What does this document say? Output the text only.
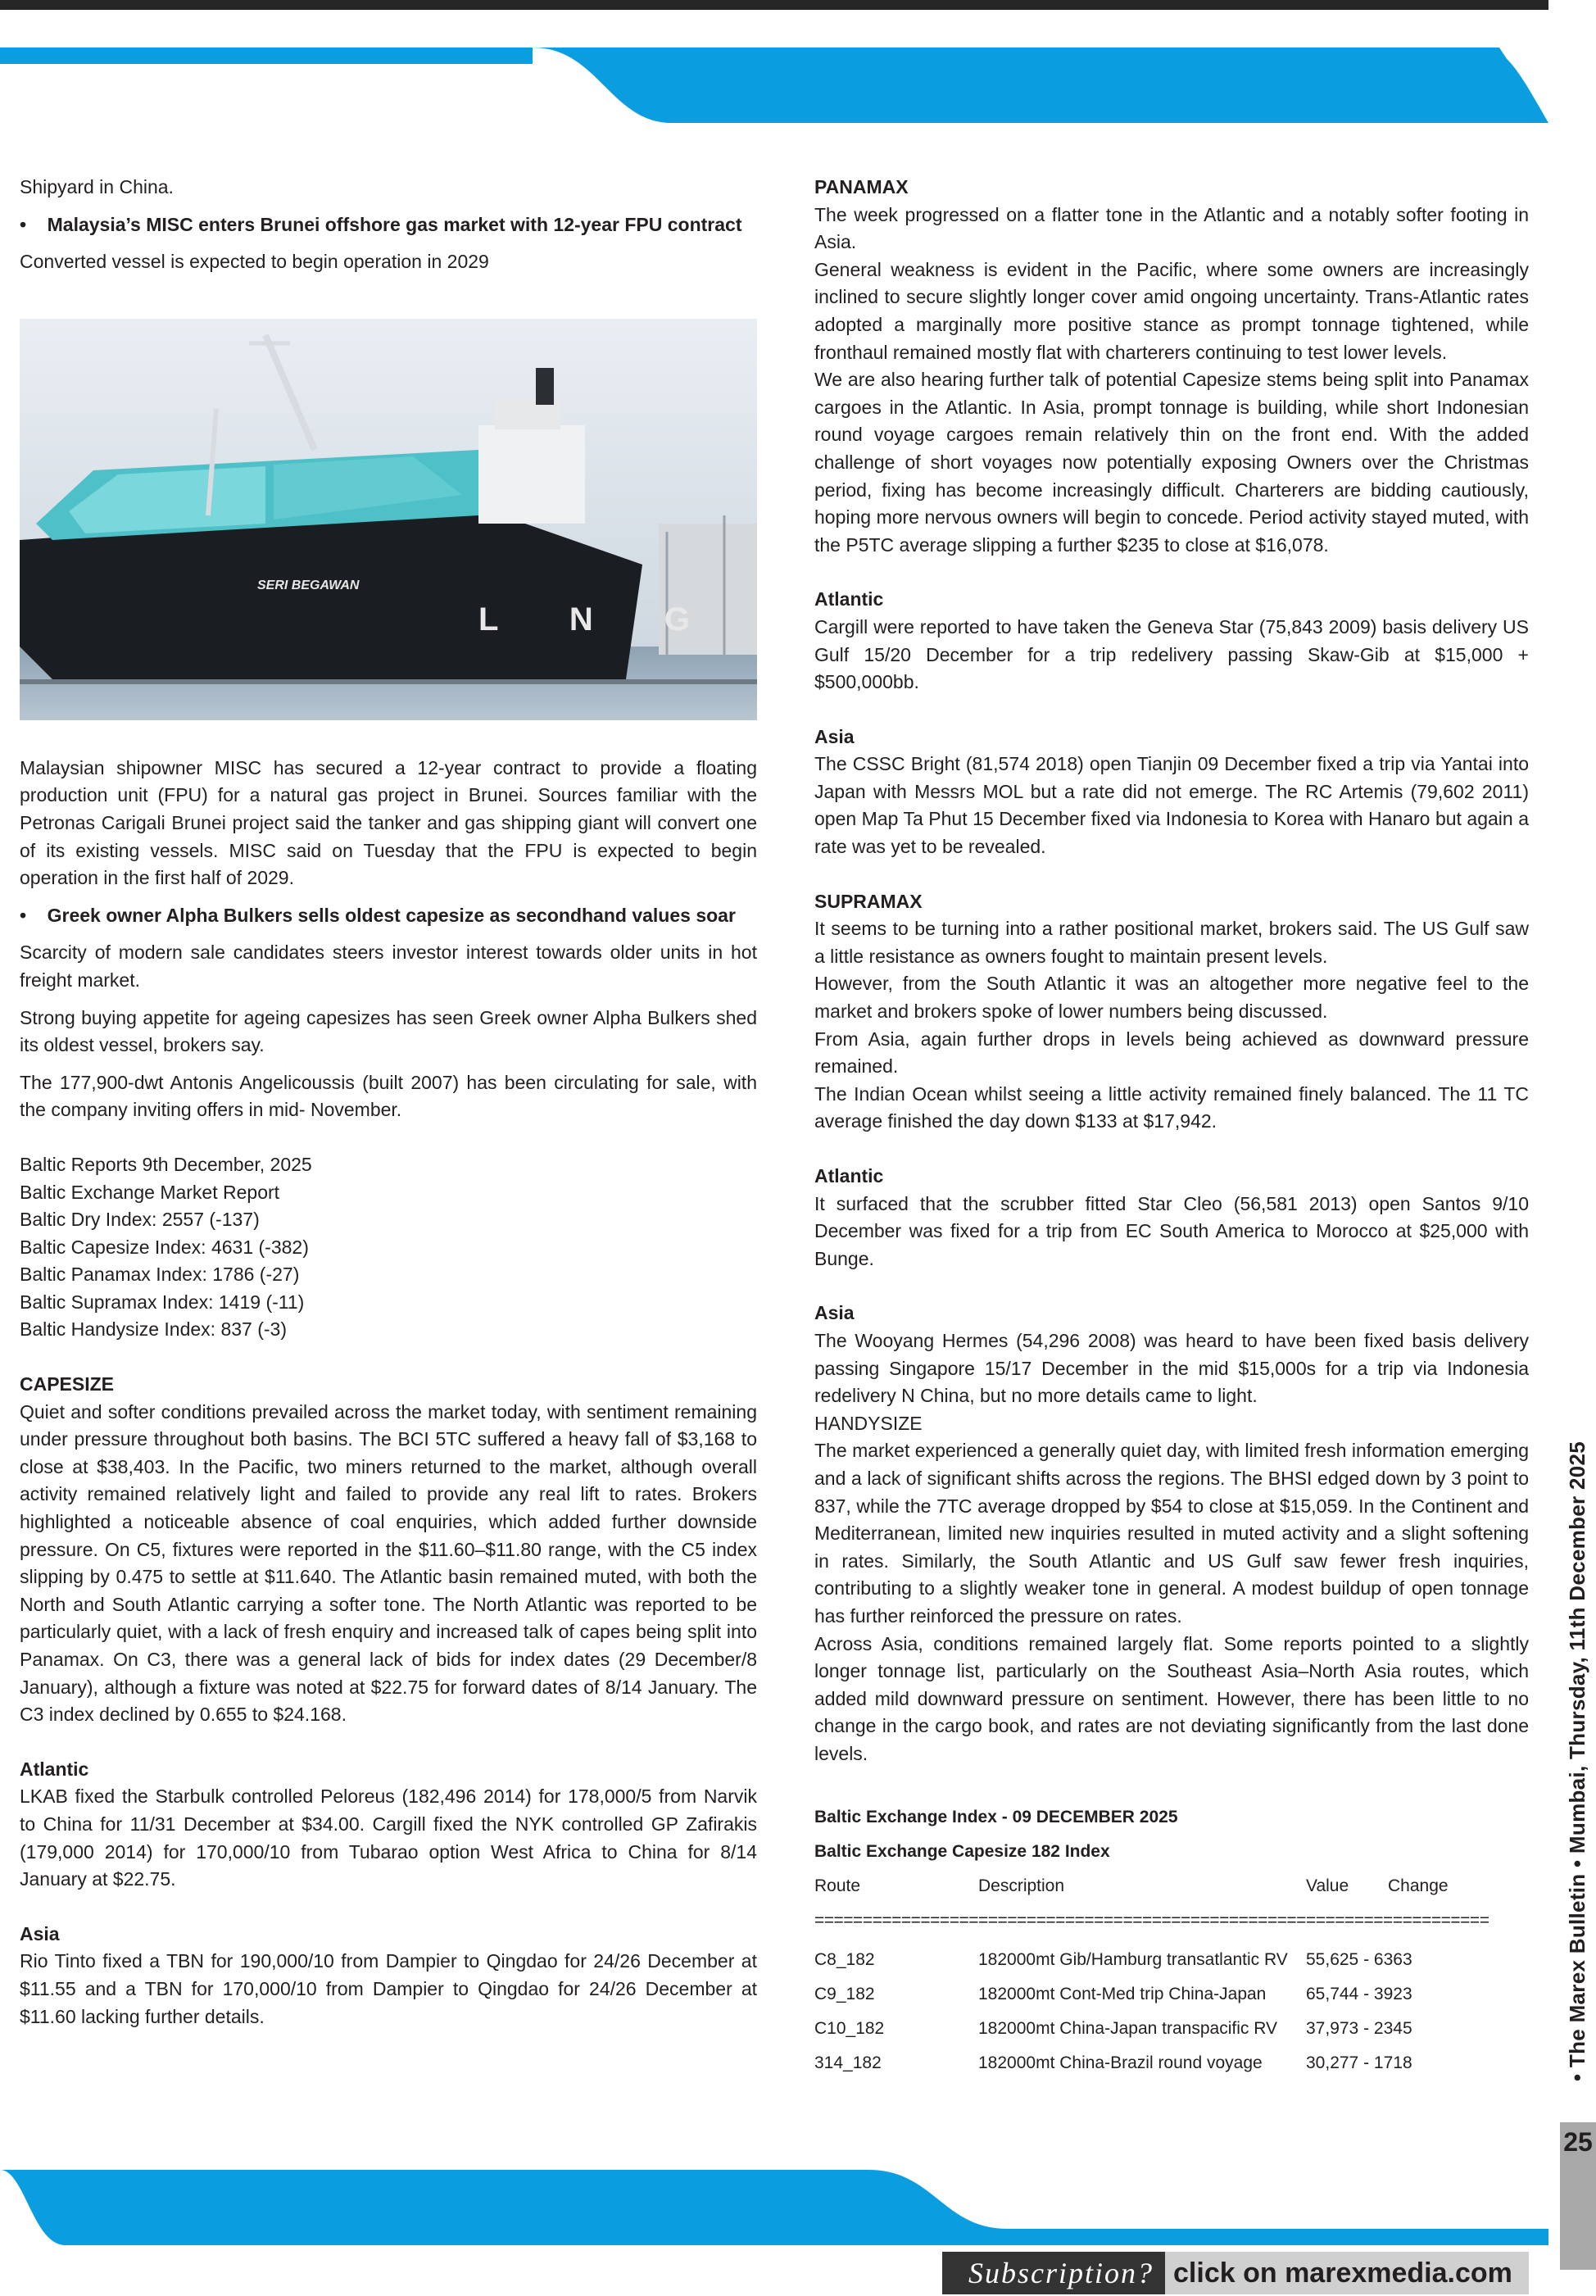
Shipyard in China.

•    Malaysia’s MISC enters Brunei offshore gas market with 12-year FPU contract

Converted vessel is expected to begin operation in 2029

SERI BEGAWAN
L N G

Malaysian shipowner MISC has secured a 12-year contract to provide a floating production unit (FPU) for a natural gas project in Brunei. Sources familiar with the Petronas Carigali Brunei project said the tanker and gas shipping giant will convert one of its existing vessels. MISC said on Tuesday that the FPU is expected to begin operation in the first half of 2029.

•    Greek owner Alpha Bulkers sells oldest capesize as secondhand values soar

Scarcity of modern sale candidates steers investor interest towards older units in hot freight market.

Strong buying appetite for ageing capesizes has seen Greek owner Alpha Bulkers shed its oldest vessel, brokers say.

The 177,900-dwt Antonis Angelicoussis (built 2007) has been circulating for sale, with the company inviting offers in mid- November.

Baltic Reports 9th December, 2025

Baltic Exchange Market Report

Baltic Dry Index: 2557 (-137)

Baltic Capesize Index: 4631 (-382)

Baltic Panamax Index: 1786 (-27)

Baltic Supramax Index: 1419 (-11)

Baltic Handysize Index: 837 (-3)

CAPESIZE

Quiet and softer conditions prevailed across the market today, with sentiment remaining under pressure throughout both basins. The BCI 5TC suffered a heavy fall of $3,168 to close at $38,403. In the Pacific, two miners returned to the market, although overall activity remained relatively light and failed to provide any real lift to rates. Brokers highlighted a noticeable absence of coal enquiries, which added further downside pressure. On C5, fixtures were reported in the $11.60–$11.80 range, with the C5 index slipping by 0.475 to settle at $11.640. The Atlantic basin remained muted, with both the North and South Atlantic carrying a softer tone. The North Atlantic was reported to be particularly quiet, with a lack of fresh enquiry and increased talk of capes being split into Panamax. On C3, there was a general lack of bids for index dates (29 December/8 January), although a fixture was noted at $22.75 for forward dates of 8/14 January. The C3 index declined by 0.655 to $24.168.

Atlantic

LKAB fixed the Starbulk controlled Peloreus (182,496 2014) for 178,000/5 from Narvik to China for 11/31 December at $34.00. Cargill fixed the NYK controlled GP Zafirakis (179,000 2014) for 170,000/10 from Tubarao option West Africa to China for 8/14 January at $22.75.

Asia

Rio Tinto fixed a TBN for 190,000/10 from Dampier to Qingdao for 24/26 December at $11.55 and a TBN for 170,000/10 from Dampier to Qingdao for 24/26 December at $11.60 lacking further details.

PANAMAX

The week progressed on a flatter tone in the Atlantic and a notably softer footing in Asia.

General weakness is evident in the Pacific, where some owners are increasingly inclined to secure slightly longer cover amid ongoing uncertainty. Trans-Atlantic rates adopted a marginally more positive stance as prompt tonnage tightened, while fronthaul remained mostly flat with charterers continuing to test lower levels.

We are also hearing further talk of potential Capesize stems being split into Panamax cargoes in the Atlantic. In Asia, prompt tonnage is building, while short Indonesian round voyage cargoes remain relatively thin on the front end. With the added challenge of short voyages now potentially exposing Owners over the Christmas period, fixing has become increasingly difficult. Charterers are bidding cautiously, hoping more nervous owners will begin to concede. Period activity stayed muted, with the P5TC average slipping a further $235 to close at $16,078.

Atlantic

Cargill were reported to have taken the Geneva Star (75,843 2009) basis delivery US Gulf 15/20 December for a trip redelivery passing Skaw-Gib at $15,000 + $500,000bb.

Asia

The CSSC Bright (81,574 2018) open Tianjin 09 December fixed a trip via Yantai into Japan with Messrs MOL but a rate did not emerge. The RC Artemis (79,602 2011) open Map Ta Phut 15 December fixed via Indonesia to Korea with Hanaro but again a rate was yet to be revealed.

SUPRAMAX

It seems to be turning into a rather positional market, brokers said. The US Gulf saw a little resistance as owners fought to maintain present levels.

However, from the South Atlantic it was an altogether more negative feel to the market and brokers spoke of lower numbers being discussed.

From Asia, again further drops in levels being achieved as downward pressure remained.

The Indian Ocean whilst seeing a little activity remained finely balanced. The 11 TC average finished the day down $133 at $17,942.

Atlantic

It surfaced that the scrubber fitted Star Cleo (56,581 2013) open Santos 9/10 December was fixed for a trip from EC South America to Morocco at $25,000 with Bunge.

Asia

The Wooyang Hermes (54,296 2008) was heard to have been fixed basis delivery passing Singapore 15/17 December in the mid $15,000s for a trip via Indonesia redelivery N China, but no more details came to light.

HANDYSIZE

The market experienced a generally quiet day, with limited fresh information emerging and a lack of significant shifts across the regions. The BHSI edged down by 3 point to 837, while the 7TC average dropped by $54 to close at $15,059. In the Continent and Mediterranean, limited new inquiries resulted in muted activity and a slight softening in rates. Similarly, the South Atlantic and US Gulf saw fewer fresh inquiries, contributing to a slightly weaker tone in general. A modest buildup of open tonnage has further reinforced the pressure on rates.

Across Asia, conditions remained largely flat. Some reports pointed to a slightly longer tonnage list, particularly on the Southeast Asia–North Asia routes, which added mild downward pressure on sentiment. However, there has been little to no change in the cargo book, and rates are not deviating significantly from the last done levels.

Baltic Exchange Index - 09 DECEMBER 2025
Baltic Exchange Capesize 182 Index
Route	Description	Value Change
======================================================================
C8_182	182000mt Gib/Hamburg transatlantic RV 55,625 - 6363
C9_182	182000mt Cont-Med trip China-Japan 65,744 - 3923
C10_182	182000mt China-Japan transpacific RV 37,973 - 2345
314_182	182000mt China-Brazil round voyage	30,277 - 1718	• The Marex Bulletin • Mumbai, Thursday, 11th December 2025
25
Subscription? click on marexmedia.com
